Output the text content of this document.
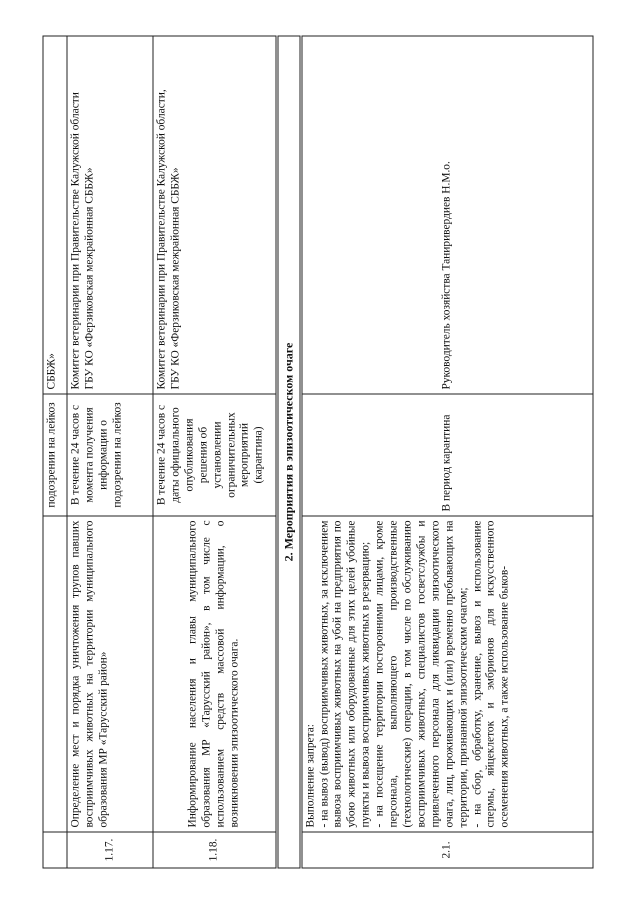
		подозрении на лейкоз	СББЖ»
1.17.	Определение мест и порядка уничтожения трупов павших восприимчивых животных на территории муниципального образования МР «Тарусский район»	В течение 24 часов с момента получения информации о подозрении на лейкоз	Комитет ветеринарии при Правительстве Калужской области ГБУ КО «Ферзиковская межрайонная СББЖ»

1.18.	Информирование населения и главы муниципального образования МР «Тарусский район», в том числе с использованием средств массовой информации, о возникновении эпизоотического очага.	В течение 24 часов с даты официального опубликования решения об установлении ограничительных мероприятий (карантина)	Комитет ветеринарии при Правительстве Калужской области, ГБУ КО «Ферзиковская межрайонная СББЖ»

2. Мероприятия в эпизоотическом очаге			
2.1.	Выполнение запрета: - на вывоз (вывод) восприимчивых животных, за исключением вывоза восприимчивых животных на убой на предприятия по убою животных или оборудованные для этих целей убойные пункты и вывоза восприимчивых животных в резервацию; - на посещение территории посторонними лицами, кроме персонала, выполняющего производственные (технологические) операции, в том числе по обслуживанию восприимчивых животных, специалистов госветслужбы и привлеченного персонала для ликвидации эпизоотического очага, лиц, проживающих и (или) временно пребывающих на территории, признанной эпизоотическим очагом; - на сбор, обработку, хранение, вывоз и использование спермы, яйцеклеток и эмбрионов для искусственного осеменения животных, а также использование быков-	В период карантина	Руководитель хозяйства Таниривердиев Н.М.о.
